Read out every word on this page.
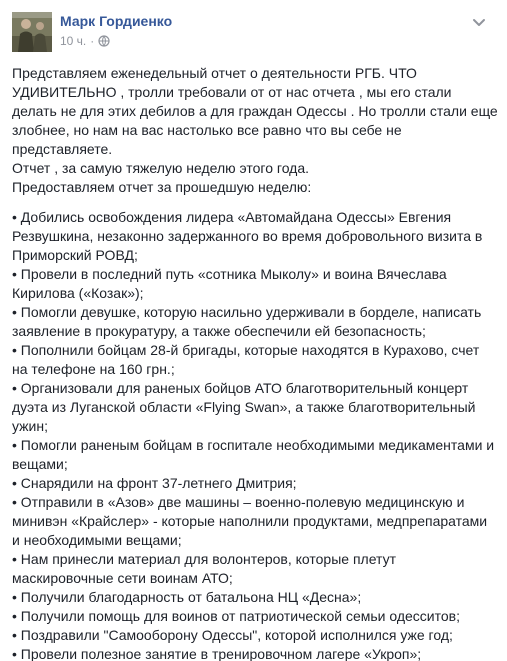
Марк Гордиенко
10 ч. ·

Представляем еженедельный отчет о деятельности РГБ. ЧТО УДИВИТЕЛЬНО , тролли требовали от от нас отчета , мы его стали делать не для этих дебилов а для граждан Одессы . Но тролли стали еще злобнее, но нам на вас настолько все равно что вы себе не представляете.

Отчет , за самую тяжелую неделю этого года.

Предоставляем отчет за прошедшую неделю:

• Добились освобождения лидера «Автомайдана Одессы» Евгения Резвушкина, незаконно задержанного во время добровольного визита в Приморский РОВД;

• Провели в последний путь «сотника Мыколу» и воина Вячеслава Кирилова («Козак»);

• Помогли девушке, которую насильно удерживали в борделе, написать заявление в прокуратуру, а также обеспечили ей безопасность;

• Пополнили бойцам 28-й бригады, которые находятся в Курахово, счет на телефоне на 160 грн.;

• Организовали для раненых бойцов АТО благотворительный концерт дуэта из Луганской области «Flying Swan», а также благотворительный ужин;

• Помогли раненым бойцам в госпитале необходимыми медикаментами и вещами;

• Снарядили на фронт 37-летнего Дмитрия;

• Отправили в «Азов» две машины – военно-полевую медицинскую и минивэн «Крайслер» - которые наполнили продуктами, медпрепаратами и необходимыми вещами;

• Нам принесли материал для волонтеров, которые плетут маскировочные сети воинам АТО;

• Получили благодарность от батальона НЦ «Десна»;

• Получили помощь для воинов от патриотической семьи одесситов;

• Поздравили "Самооборону Одессы", которой исполнился уже год;

• Провели полезное занятие в тренировочном лагере «Укроп»;
